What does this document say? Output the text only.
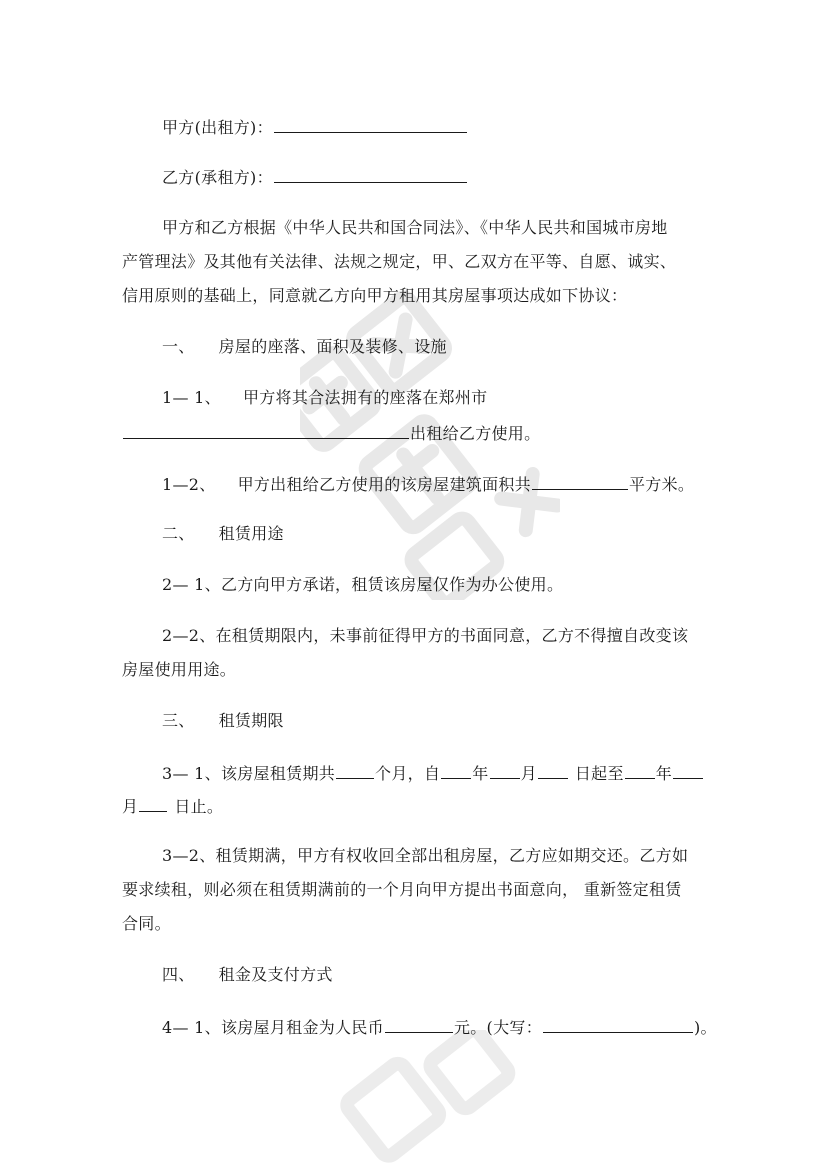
甲方(出租方)：
乙方(承租方)：
甲方和乙方根据《中华人民共和国合同法》、《中华人民共和国城市房地
产管理法》及其他有关法律、法规之规定，甲、乙双方在平等、自愿、诚实、
信用原则的基础上，同意就乙方向甲方租用其房屋事项达成如下协议：
一、 房屋的座落、面积及装修、设施
1— 1、 甲方将其合法拥有的座落在郑州市
出租给乙方使用。
1—2、 甲方出租给乙方使用的该房屋建筑面积共	平方米。
二、 租赁用途
2— 1、乙方向甲方承诺，租赁该房屋仅作为办公使用。
2—2、在租赁期限内，未事前征得甲方的书面同意，乙方不得擅自改变该
房屋使用用途。
三、 租赁期限
3— 1、该房屋租赁期共	个月，自 年 月 日起至 年
月 日止。
3—2、租赁期满，甲方有权收回全部出租房屋，乙方应如期交还。乙方如
要求续租，则必须在租赁期满前的一个月向甲方提出书面意向， 重新签定租赁
合同。
四、 租金及支付方式
4— 1、该房屋月租金为人民币	元。(大写：	)。
